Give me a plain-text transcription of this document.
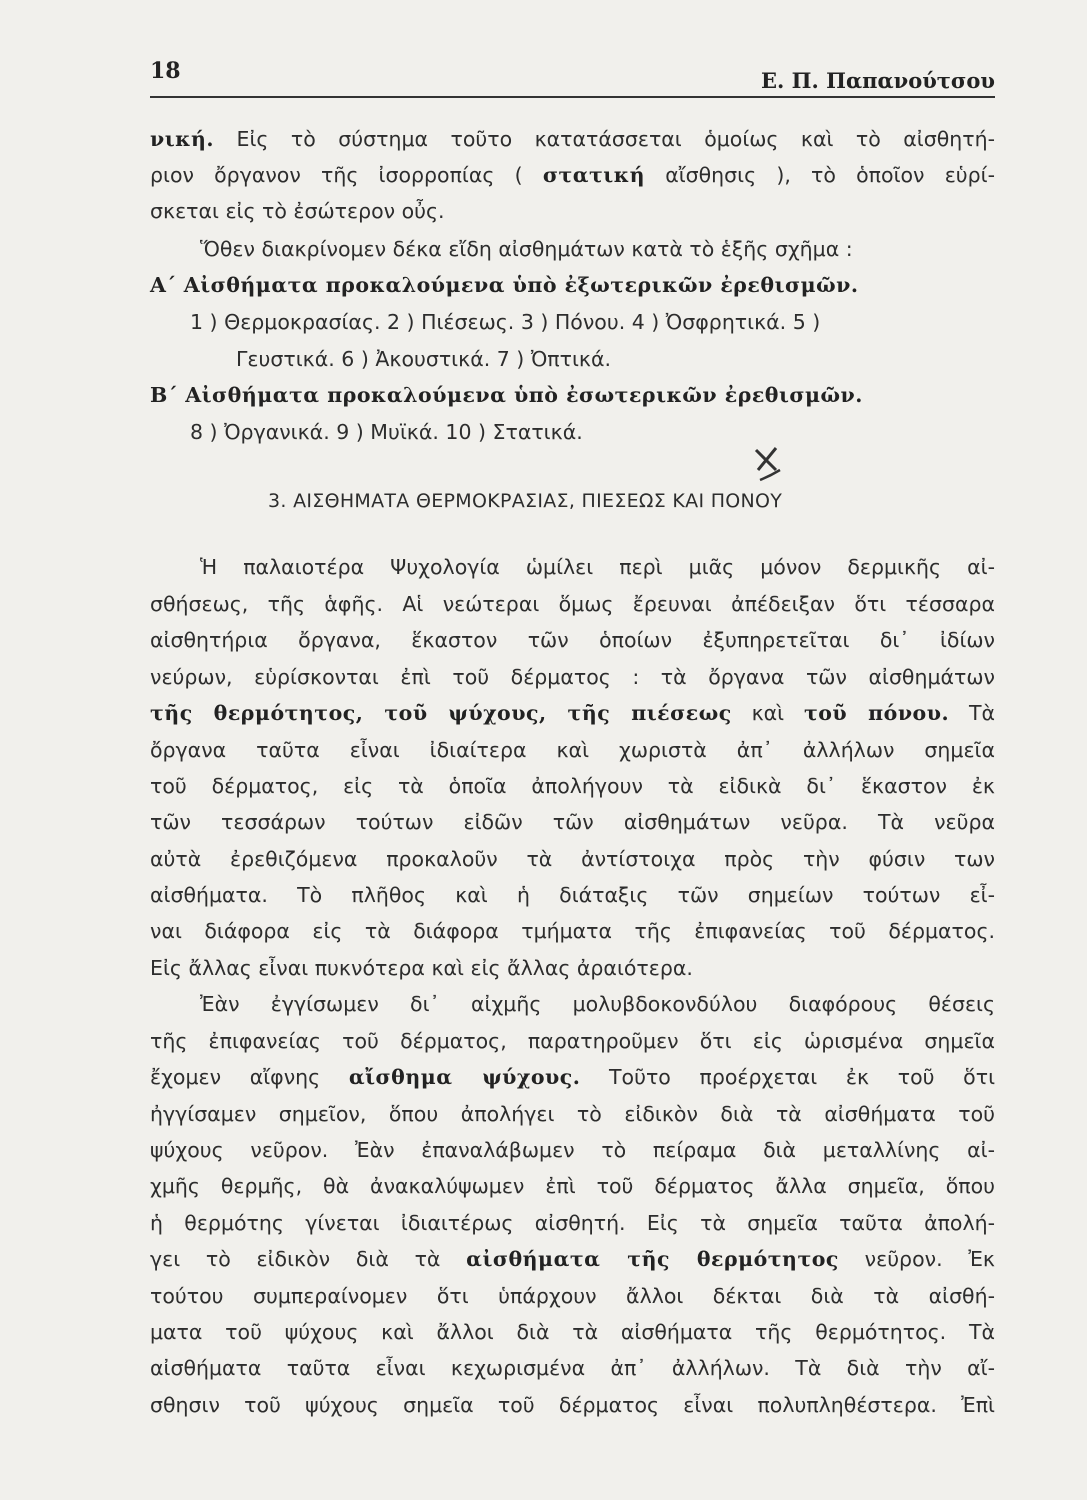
18	Ε. Π. Παπανούτσου
νική. Εἰς τὸ σύστημα τοῦτο κατατάσσεται ὁμοίως καὶ τὸ αἰσθητή-
ριον ὄργανον τῆς ἰσορροπίας ( στατική αἴσθησις ), τὸ ὁποῖον εὑρί-
σκεται εἰς τὸ ἐσώτερον οὖς.
Ὅθεν διακρίνομεν δέκα εἴδη αἰσθημάτων κατὰ τὸ ἑξῆς σχῆμα :
Α΄ Αἰσθήματα προκαλούμενα ὑπὸ ἐξωτερικῶν ἐρεθισμῶν.
1 ) Θερμοκρασίας. 2 ) Πιέσεως. 3 ) Πόνου. 4 ) Ὀσφρητικά. 5 )
Γευστικά. 6 ) Ἀκουστικά. 7 ) Ὀπτικά.
Β΄ Αἰσθήματα προκαλούμενα ὑπὸ ἐσωτερικῶν ἐρεθισμῶν.
8 ) Ὀργανικά. 9 ) Μυϊκά. 10 ) Στατικά.
3. ΑΙΣΘΗΜΑΤΑ ΘΕΡΜΟΚΡΑΣΙΑΣ, ΠΙΕΣΕΩΣ ΚΑΙ ΠΟΝΟΥ
Ἡ παλαιοτέρα Ψυχολογία ὡμίλει περὶ μιᾶς μόνον δερμικῆς αἰ-
σθήσεως, τῆς ἁφῆς. Αἱ νεώτεραι ὅμως ἔρευναι ἀπέδειξαν ὅτι τέσσαρα
αἰσθητήρια ὄργανα, ἕκαστον τῶν ὁποίων ἐξυπηρετεῖται δι᾿ ἰδίων
νεύρων, εὑρίσκονται ἐπὶ τοῦ δέρματος : τὰ ὄργανα τῶν αἰσθημάτων
τῆς θερμότητος, τοῦ ψύχους, τῆς πιέσεως καὶ τοῦ πόνου. Τὰ
ὄργανα ταῦτα εἶναι ἰδιαίτερα καὶ χωριστὰ ἀπ᾿ ἀλλήλων σημεῖα
τοῦ δέρματος, εἰς τὰ ὁποῖα ἀπολήγουν τὰ εἰδικὰ δι᾿ ἕκαστον ἐκ
τῶν τεσσάρων τούτων εἰδῶν τῶν αἰσθημάτων νεῦρα. Τὰ νεῦρα
αὐτὰ ἐρεθιζόμενα προκαλοῦν τὰ ἀντίστοιχα πρὸς τὴν φύσιν των
αἰσθήματα. Τὸ πλῆθος καὶ ἡ διάταξις τῶν σημείων τούτων εἶ-
ναι διάφορα εἰς τὰ διάφορα τμήματα τῆς ἐπιφανείας τοῦ δέρματος.
Εἰς ἄλλας εἶναι πυκνότερα καὶ εἰς ἄλλας ἀραιότερα.
Ἐὰν ἐγγίσωμεν δι᾿ αἰχμῆς μολυβδοκονδύλου διαφόρους θέσεις
τῆς ἐπιφανείας τοῦ δέρματος, παρατηροῦμεν ὅτι εἰς ὡρισμένα σημεῖα
ἔχομεν αἴφνης αἴσθημα ψύχους. Τοῦτο προέρχεται ἐκ τοῦ ὅτι
ἠγγίσαμεν σημεῖον, ὅπου ἀπολήγει τὸ εἰδικὸν διὰ τὰ αἰσθήματα τοῦ
ψύχους νεῦρον. Ἐὰν ἐπαναλάβωμεν τὸ πείραμα διὰ μεταλλίνης αἰ-
χμῆς θερμῆς, θὰ ἀνακαλύψωμεν ἐπὶ τοῦ δέρματος ἄλλα σημεῖα, ὅπου
ἡ θερμότης γίνεται ἰδιαιτέρως αἰσθητή. Εἰς τὰ σημεῖα ταῦτα ἀπολή-
γει τὸ εἰδικὸν διὰ τὰ αἰσθήματα τῆς θερμότητος νεῦρον. Ἐκ
τούτου συμπεραίνομεν ὅτι ὑπάρχουν ἄλλοι δέκται διὰ τὰ αἰσθή-
ματα τοῦ ψύχους καὶ ἄλλοι διὰ τὰ αἰσθήματα τῆς θερμότητος. Τὰ
αἰσθήματα ταῦτα εἶναι κεχωρισμένα ἀπ᾿ ἀλλήλων. Τὰ διὰ τὴν αἴ-
σθησιν τοῦ ψύχους σημεῖα τοῦ δέρματος εἶναι πολυπληθέστερα. Ἐπὶ
